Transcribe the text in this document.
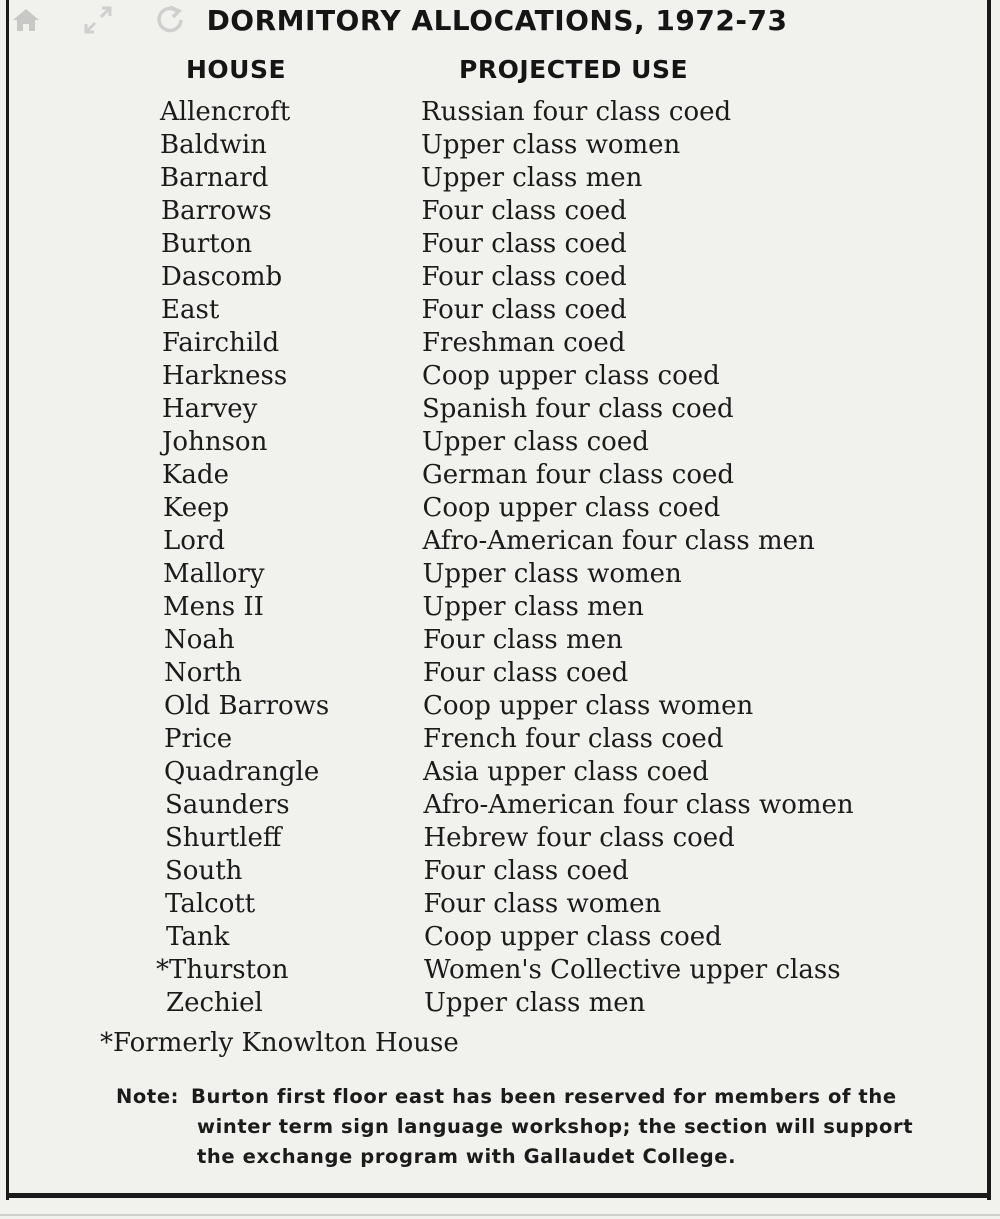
DORMITORY ALLOCATIONS, 1972-73
HOUSE	PROJECTED USE
Allencroft	Russian four class coed
Baldwin	Upper class women
Barnard	Upper class men
Barrows	Four class coed
Burton	Four class coed
Dascomb	Four class coed
East	Four class coed
Fairchild	Freshman coed
Harkness	Coop upper class coed
Harvey	Spanish four class coed
Johnson	Upper class coed
Kade	German four class coed
Keep	Coop upper class coed
Lord	Afro-American four class men
Mallory	Upper class women
Mens II	Upper class men
Noah	Four class men
North	Four class coed
Old Barrows	Coop upper class women
Price	French four class coed
Quadrangle	Asia upper class coed
Saunders	Afro-American four class women
Shurtleff	Hebrew four class coed
South	Four class coed
Talcott	Four class women
Tank	Coop upper class coed
*Thurston	Women's Collective upper class
Zechiel	Upper class men
*Formerly Knowlton House
Note: Burton first floor east has been reserved for members of the
winter term sign language workshop; the section will support
the exchange program with Gallaudet College.
